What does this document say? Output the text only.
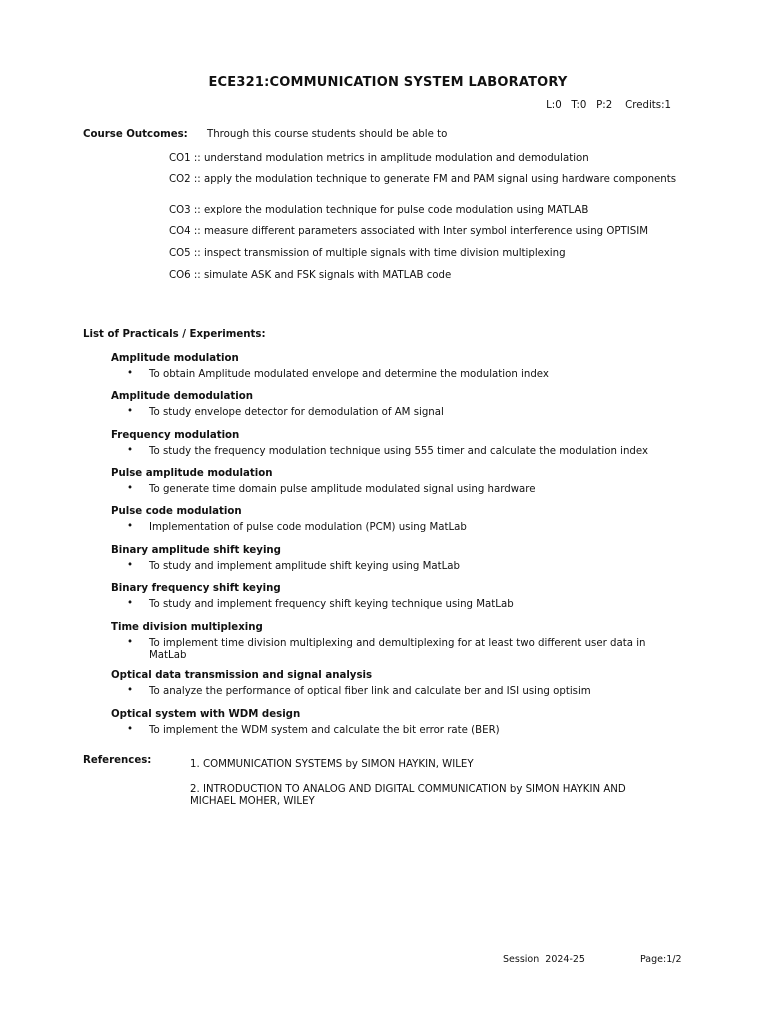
ECE321:COMMUNICATION SYSTEM LABORATORY
L:0   T:0   P:2    Credits:1
Course Outcomes: Through this course students should be able to
CO1 :: understand modulation metrics in amplitude modulation and demodulation
CO2 :: apply the modulation technique to generate FM and PAM signal using hardware components
CO3 :: explore the modulation technique for pulse code modulation using MATLAB
CO4 :: measure different parameters associated with Inter symbol interference using OPTISIM
CO5 :: inspect transmission of multiple signals with time division multiplexing
CO6 :: simulate ASK and FSK signals with MATLAB code
List of Practicals / Experiments:
Amplitude modulation
• To obtain Amplitude modulated envelope and determine the modulation index
Amplitude demodulation
• To study envelope detector for demodulation of AM signal
Frequency modulation
• To study the frequency modulation technique using 555 timer and calculate the modulation index
Pulse amplitude modulation
• To generate time domain pulse amplitude modulated signal using hardware
Pulse code modulation
• Implementation of pulse code modulation (PCM) using MatLab
Binary amplitude shift keying
• To study and implement amplitude shift keying using MatLab
Binary frequency shift keying
• To study and implement frequency shift keying technique using MatLab
Time division multiplexing
• To implement time division multiplexing and demultiplexing for at least two different user data in MatLab
Optical data transmission and signal analysis
• To analyze the performance of optical fiber link and calculate ber and ISI using optisim
Optical system with WDM design
• To implement the WDM system and calculate the bit error rate (BER)
References:	1. COMMUNICATION SYSTEMS by SIMON HAYKIN, WILEY
2. INTRODUCTION TO ANALOG AND DIGITAL COMMUNICATION by SIMON HAYKIN AND MICHAEL MOHER, WILEY
Session  2024-25	Page:1/2
